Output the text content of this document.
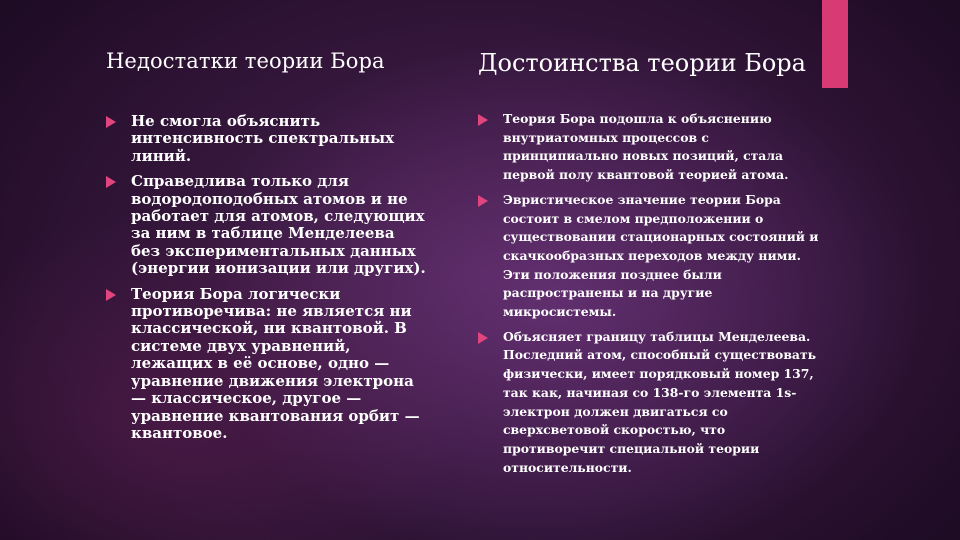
Недостатки теории Бора
Не смогла объяснить интенсивность спектральных линий.
Справедлива только для водородоподобных атомов и не работает для атомов, следующих за ним в таблице Менделеева без экспериментальных данных (энергии ионизации или других).
Теория Бора логически противоречива: не является ни классической, ни квантовой. В системе двух уравнений, лежащих в её основе, одно — уравнение движения электрона — классическое, другое — уравнение квантования орбит — квантовое.
Достоинства теории Бора
Теория Бора подошла к объяснению внутриатомных процессов с принципиально новых позиций, стала первой полу квантовой теорией атома.
Эвристическое значение теории Бора состоит в смелом предположении о существовании стационарных состояний и скачкообразных переходов между ними. Эти положения позднее были распространены и на другие микросистемы.
Объясняет границу таблицы Менделеева. Последний атом, способный существовать физически, имеет порядковый номер 137, так как, начиная со 138-го элемента 1s-электрон должен двигаться со сверхсветовой скоростью, что противоречит специальной теории относительности.
